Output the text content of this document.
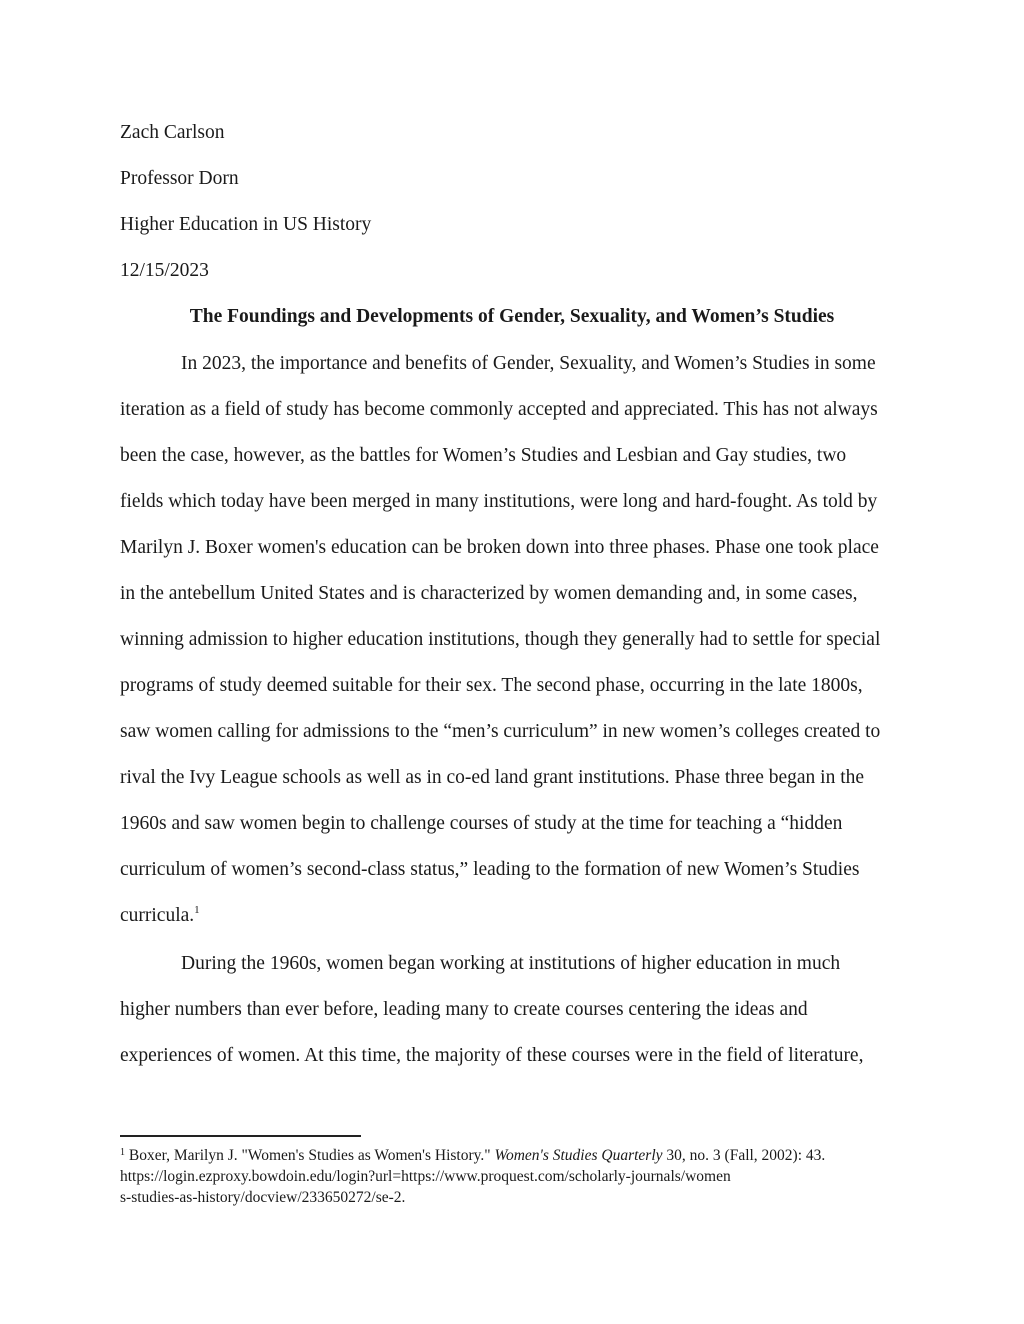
Zach Carlson
Professor Dorn
Higher Education in US History
12/15/2023
The Foundings and Developments of Gender, Sexuality, and Women’s Studies
In 2023, the importance and benefits of Gender, Sexuality, and Women’s Studies in some
iteration as a field of study has become commonly accepted and appreciated. This has not always
been the case, however, as the battles for Women’s Studies and Lesbian and Gay studies, two
fields which today have been merged in many institutions, were long and hard-fought. As told by
Marilyn J. Boxer women's education can be broken down into three phases. Phase one took place
in the antebellum United States and is characterized by women demanding and, in some cases,
winning admission to higher education institutions, though they generally had to settle for special
programs of study deemed suitable for their sex. The second phase, occurring in the late 1800s,
saw women calling for admissions to the “men’s curriculum” in new women’s colleges created to
rival the Ivy League schools as well as in co-ed land grant institutions. Phase three began in the
1960s and saw women begin to challenge courses of study at the time for teaching a “hidden
curriculum of women’s second-class status,” leading to the formation of new Women’s Studies
curricula.$^1$
During the 1960s, women began working at institutions of higher education in much
higher numbers than ever before, leading many to create courses centering the ideas and
experiences of women. At this time, the majority of these courses were in the field of literature,
$^1$ Boxer, Marilyn J. "Women's Studies as Women's History." Women's Studies Quarterly 30, no. 3 (Fall, 2002): 43.
https://login.ezproxy.bowdoin.edu/login?url=https://www.proquest.com/scholarly-journals/women
s-studies-as-history/docview/233650272/se-2.
